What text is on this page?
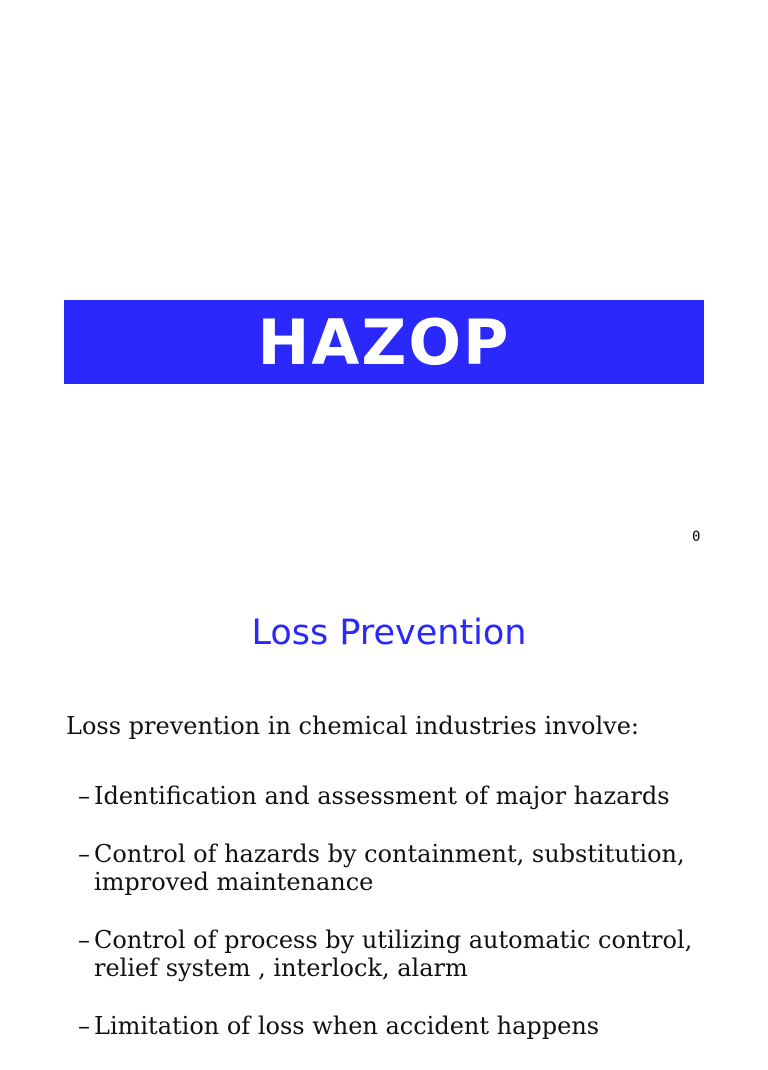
HAZOP
0
Loss Prevention
Loss prevention in chemical industries involve:
– Identification and assessment of major hazards
– Control of hazards by containment, substitution, improved maintenance
– Control of process by utilizing automatic control, relief system , interlock, alarm
– Limitation of loss when accident happens
